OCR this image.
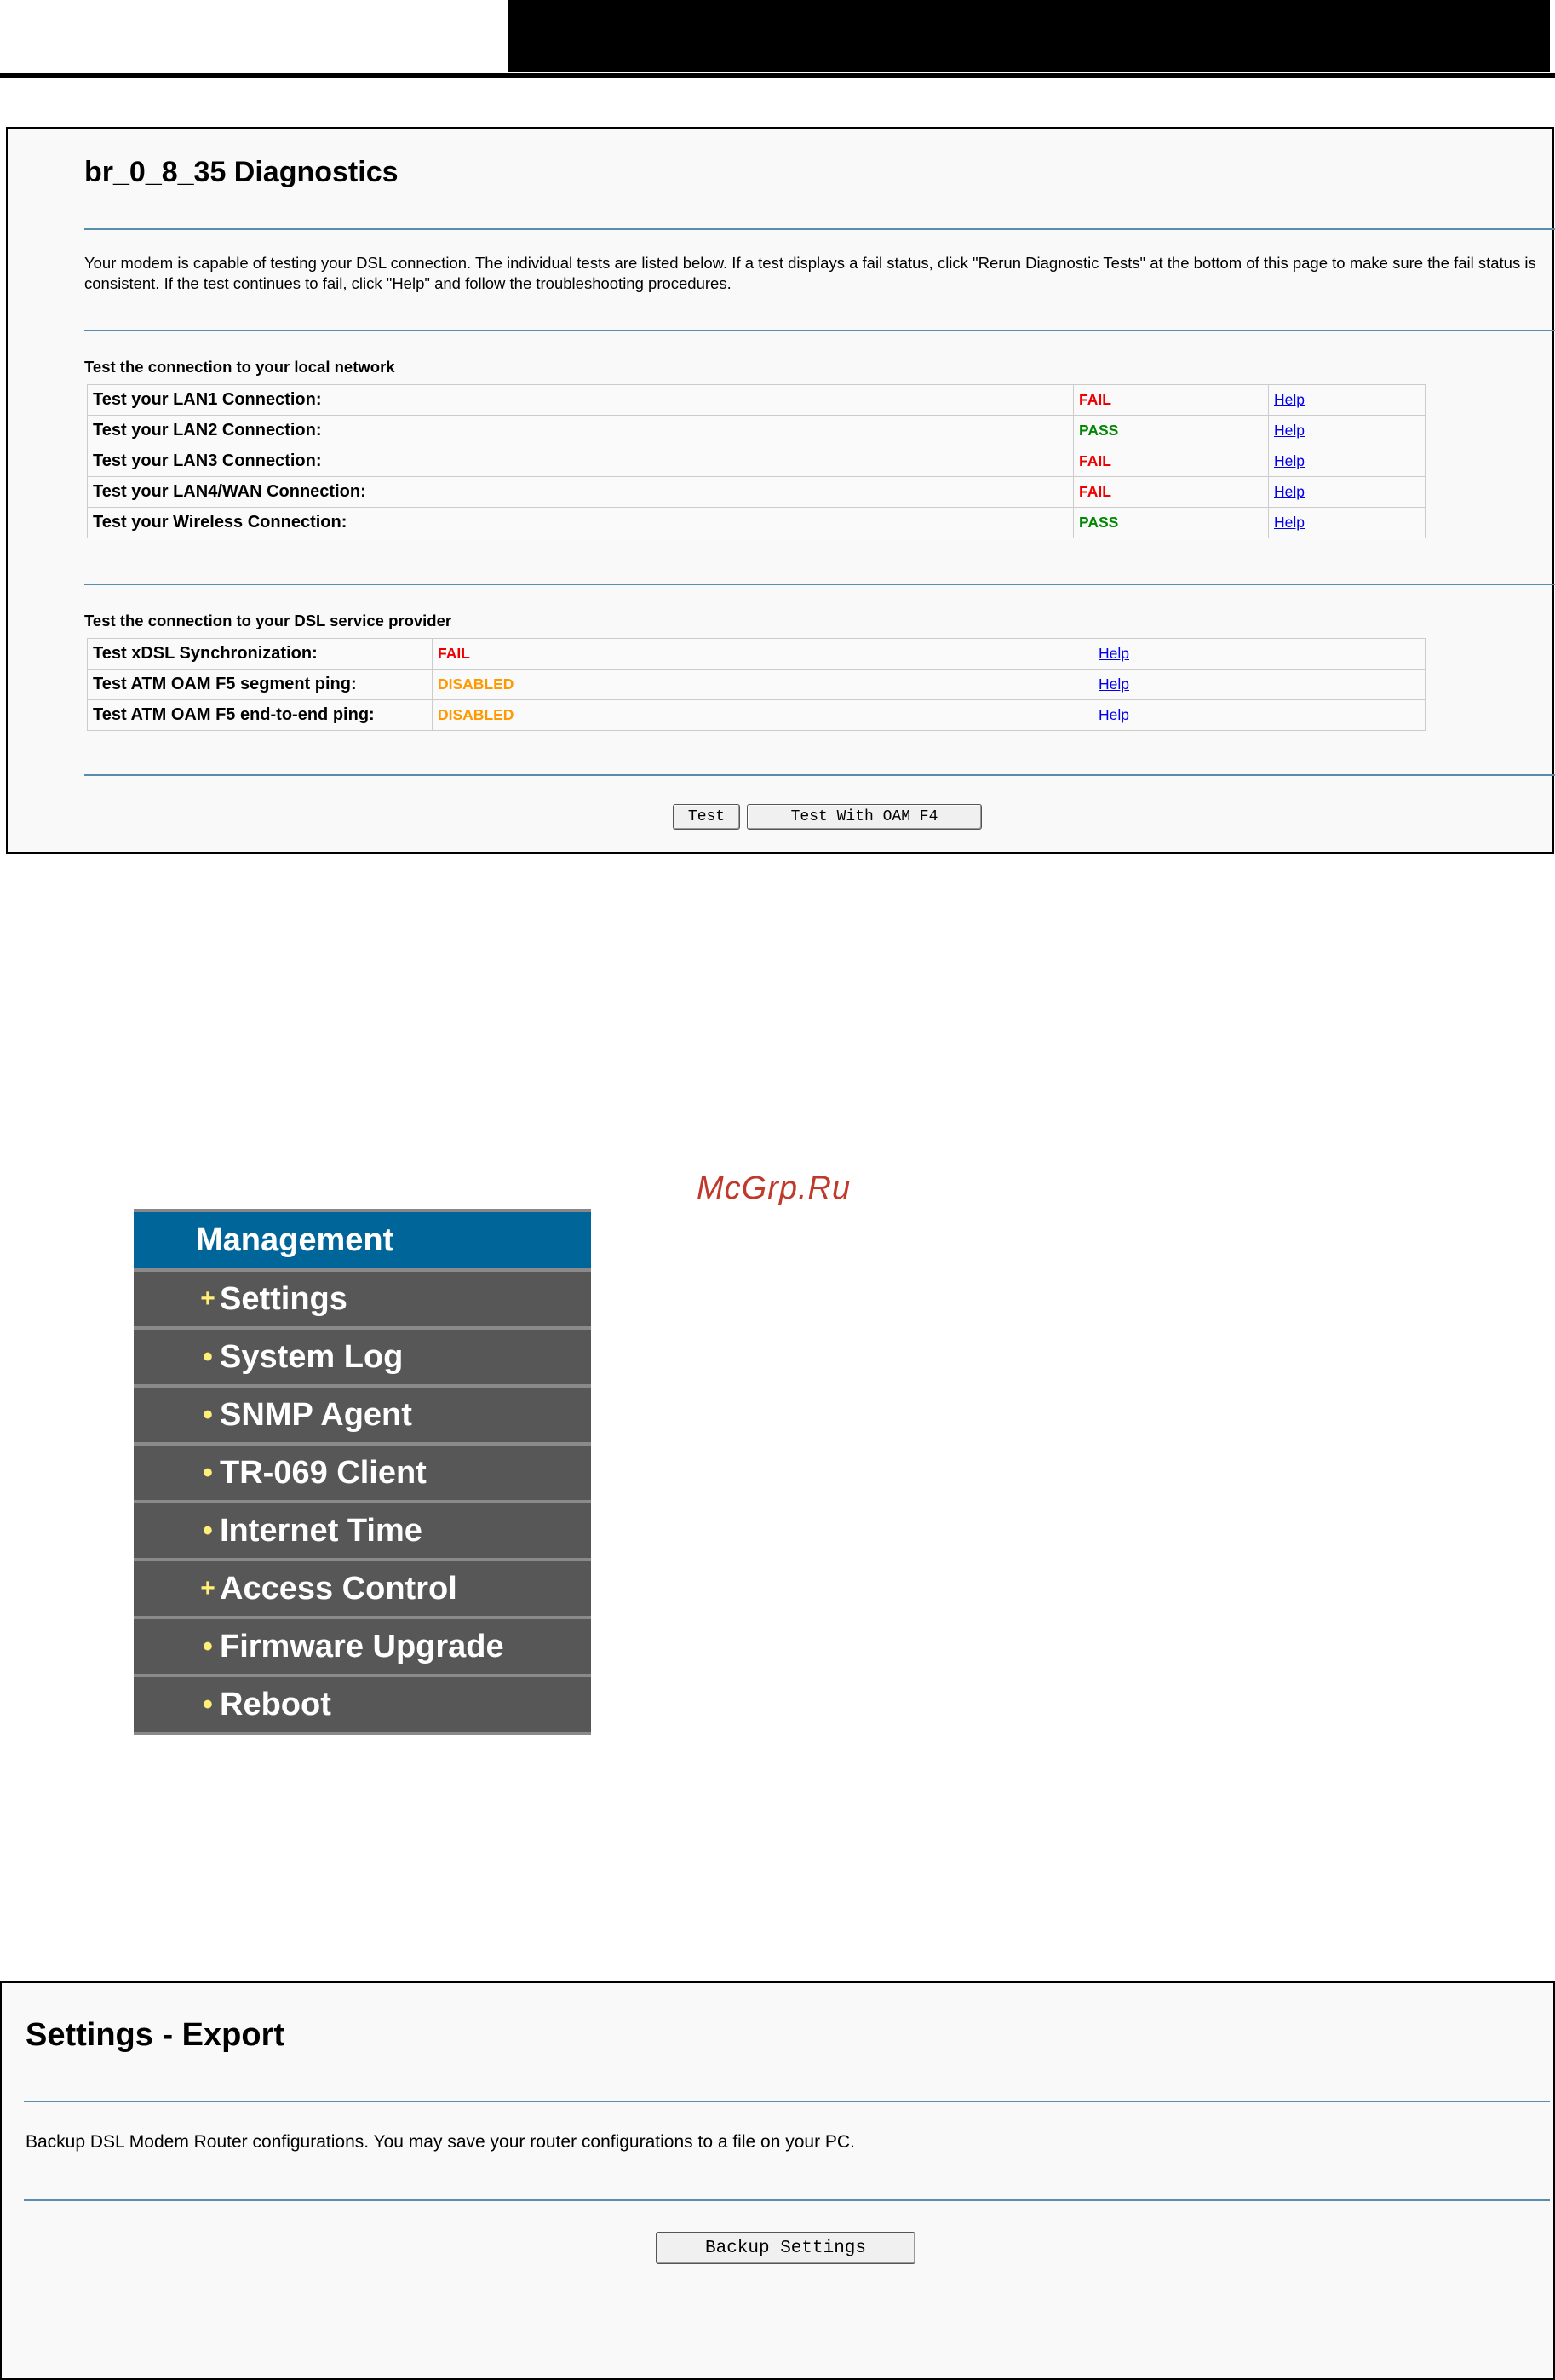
br_0_8_35 Diagnostics
Your modem is capable of testing your DSL connection. The individual tests are listed below. If a test displays a fail status, click "Rerun Diagnostic Tests" at the bottom of this page to make sure the fail status is consistent. If the test continues to fail, click "Help" and follow the troubleshooting procedures.
Test the connection to your local network
Test your LAN1 Connection:	FAIL	Help
Test your LAN2 Connection:	PASS	Help
Test your LAN3 Connection:	FAIL	Help
Test your LAN4/WAN Connection:	FAIL	Help
Test your Wireless Connection:	PASS	Help
Test the connection to your DSL service provider
Test xDSL Synchronization:	FAIL	Help
Test ATM OAM F5 segment ping:	DISABLED	Help
Test ATM OAM F5 end-to-end ping:	DISABLED	Help
Test	Test With OAM F4
McGrp.Ru
Management
+ Settings
• System Log
• SNMP Agent
• TR-069 Client
• Internet Time
+ Access Control
• Firmware Upgrade
• Reboot
Settings - Export
Backup DSL Modem Router configurations. You may save your router configurations to a file on your PC.
Backup Settings
